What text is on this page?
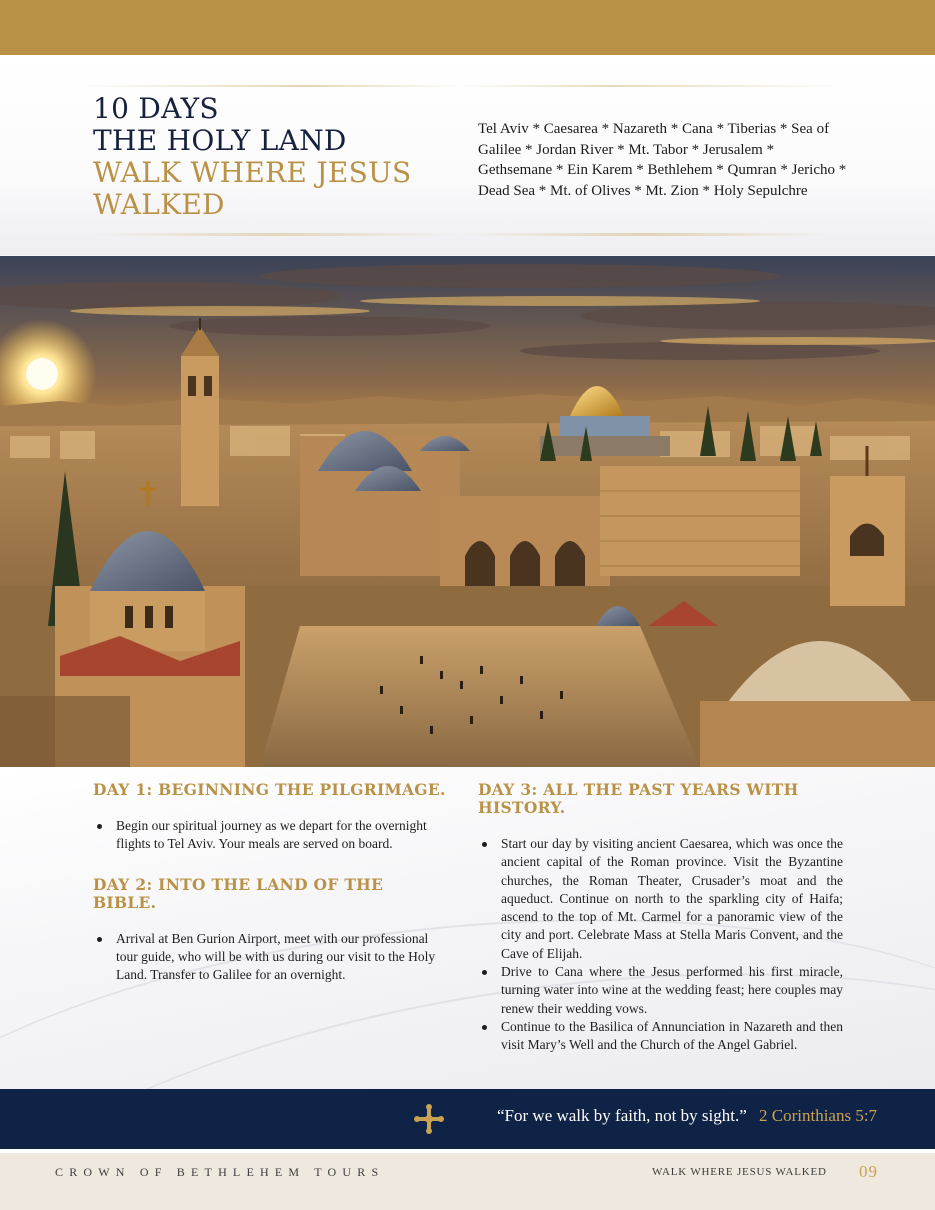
10 DAYS
THE HOLY LAND
WALK WHERE JESUS
WALKED
Tel Aviv * Caesarea * Nazareth * Cana * Tiberias * Sea of Galilee * Jordan River * Mt. Tabor * Jerusalem * Gethsemane * Ein Karem * Bethlehem * Qumran * Jericho * Dead Sea * Mt. of Olives * Mt. Zion * Holy Sepulchre
DAY 1: BEGINNING THE PILGRIMAGE.
Begin our spiritual journey as we depart for the overnight flights to Tel Aviv. Your meals are served on board.
DAY 2: INTO THE LAND OF THE BIBLE.
Arrival at Ben Gurion Airport, meet with our professional tour guide, who will be with us during our visit to the Holy Land. Transfer to Galilee for an overnight.
DAY 3: ALL THE PAST YEARS WITH HISTORY.
Start our day by visiting ancient Caesarea, which was once the ancient capital of the Roman province. Visit the Byzantine churches, the Roman Theater, Crusader’s moat and the aqueduct. Continue on north to the sparkling city of Haifa; ascend to the top of Mt. Carmel for a panoramic view of the city and port. Celebrate Mass at Stella Maris Convent, and the Cave of Elijah.
Drive to Cana where the Jesus performed his first miracle, turning water into wine at the wedding feast; here couples may renew their wedding vows.
Continue to the Basilica of Annunciation in Nazareth and then visit Mary’s Well and the Church of the Angel Gabriel.
“For we walk by faith, not by sight.” 2 Corinthians 5:7
CROWN OF BETHLEHEM TOURS	WALK WHERE JESUS WALKED 09
